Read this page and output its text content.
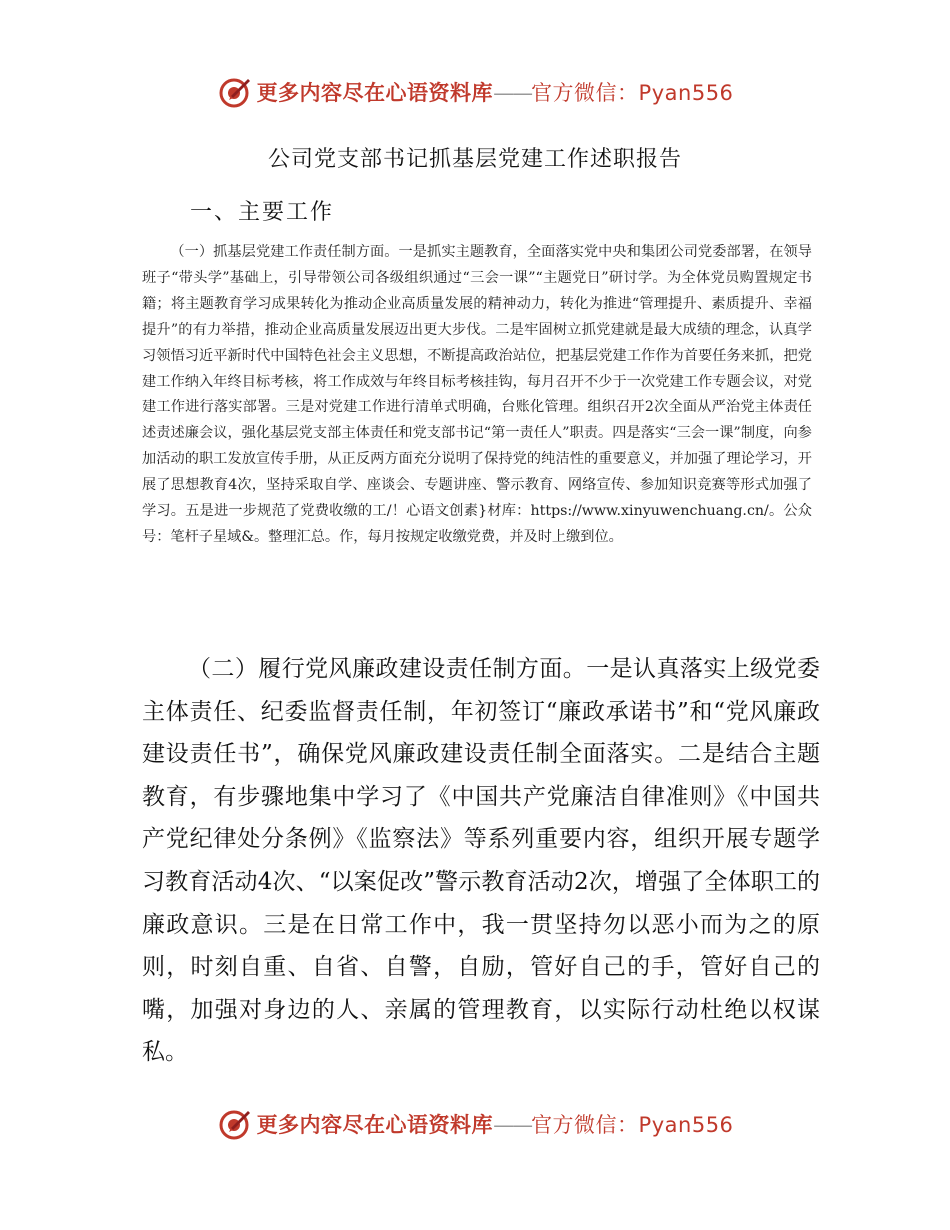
更多内容尽在心语资料库——官方微信：Pyan556
公司党支部书记抓基层党建工作述职报告
一、主要工作
（一）抓基层党建工作责任制方面。一是抓实主题教育，全面落实党中央和集团公司党委部署，在领导班子“带头学”基础上，引导带领公司各级组织通过“三会一课”“主题党日”研讨学。为全体党员购置规定书籍；将主题教育学习成果转化为推动企业高质量发展的精神动力，转化为推进“管理提升、素质提升、幸福提升”的有力举措，推动企业高质量发展迈出更大步伐。二是牢固树立抓党建就是最大成绩的理念，认真学习领悟习近平新时代中国特色社会主义思想，不断提高政治站位，把基层党建工作作为首要任务来抓，把党建工作纳入年终目标考核，将工作成效与年终目标考核挂钩，每月召开不少于一次党建工作专题会议，对党建工作进行落实部署。三是对党建工作进行清单式明确，台账化管理。组织召开2次全面从严治党主体责任述责述廉会议，强化基层党支部主体责任和党支部书记“第一责任人”职责。四是落实“三会一课”制度，向参加活动的职工发放宣传手册，从正反两方面充分说明了保持党的纯洁性的重要意义，并加强了理论学习，开展了思想教育4次，坚持采取自学、座谈会、专题讲座、警示教育、网络宣传、参加知识竞赛等形式加强了学习。五是进一步规范了党费收缴的工/！心语文创素}材库：https://www.xinyuwenchuang.cn/。公众号：笔杆子星域&。整理汇总。作，每月按规定收缴党费，并及时上缴到位。
（二）履行党风廉政建设责任制方面。一是认真落实上级党委主体责任、纪委监督责任制，年初签订“廉政承诺书”和“党风廉政建设责任书”，确保党风廉政建设责任制全面落实。二是结合主题教育，有步骤地集中学习了《中国共产党廉洁自律准则》《中国共产党纪律处分条例》《监察法》等系列重要内容，组织开展专题学习教育活动4次、“以案促改”警示教育活动2次，增强了全体职工的廉政意识。三是在日常工作中，我一贯坚持勿以恶小而为之的原则，时刻自重、自省、自警，自励，管好自己的手，管好自己的嘴，加强对身边的人、亲属的管理教育，以实际行动杜绝以权谋私。
更多内容尽在心语资料库——官方微信：Pyan556
